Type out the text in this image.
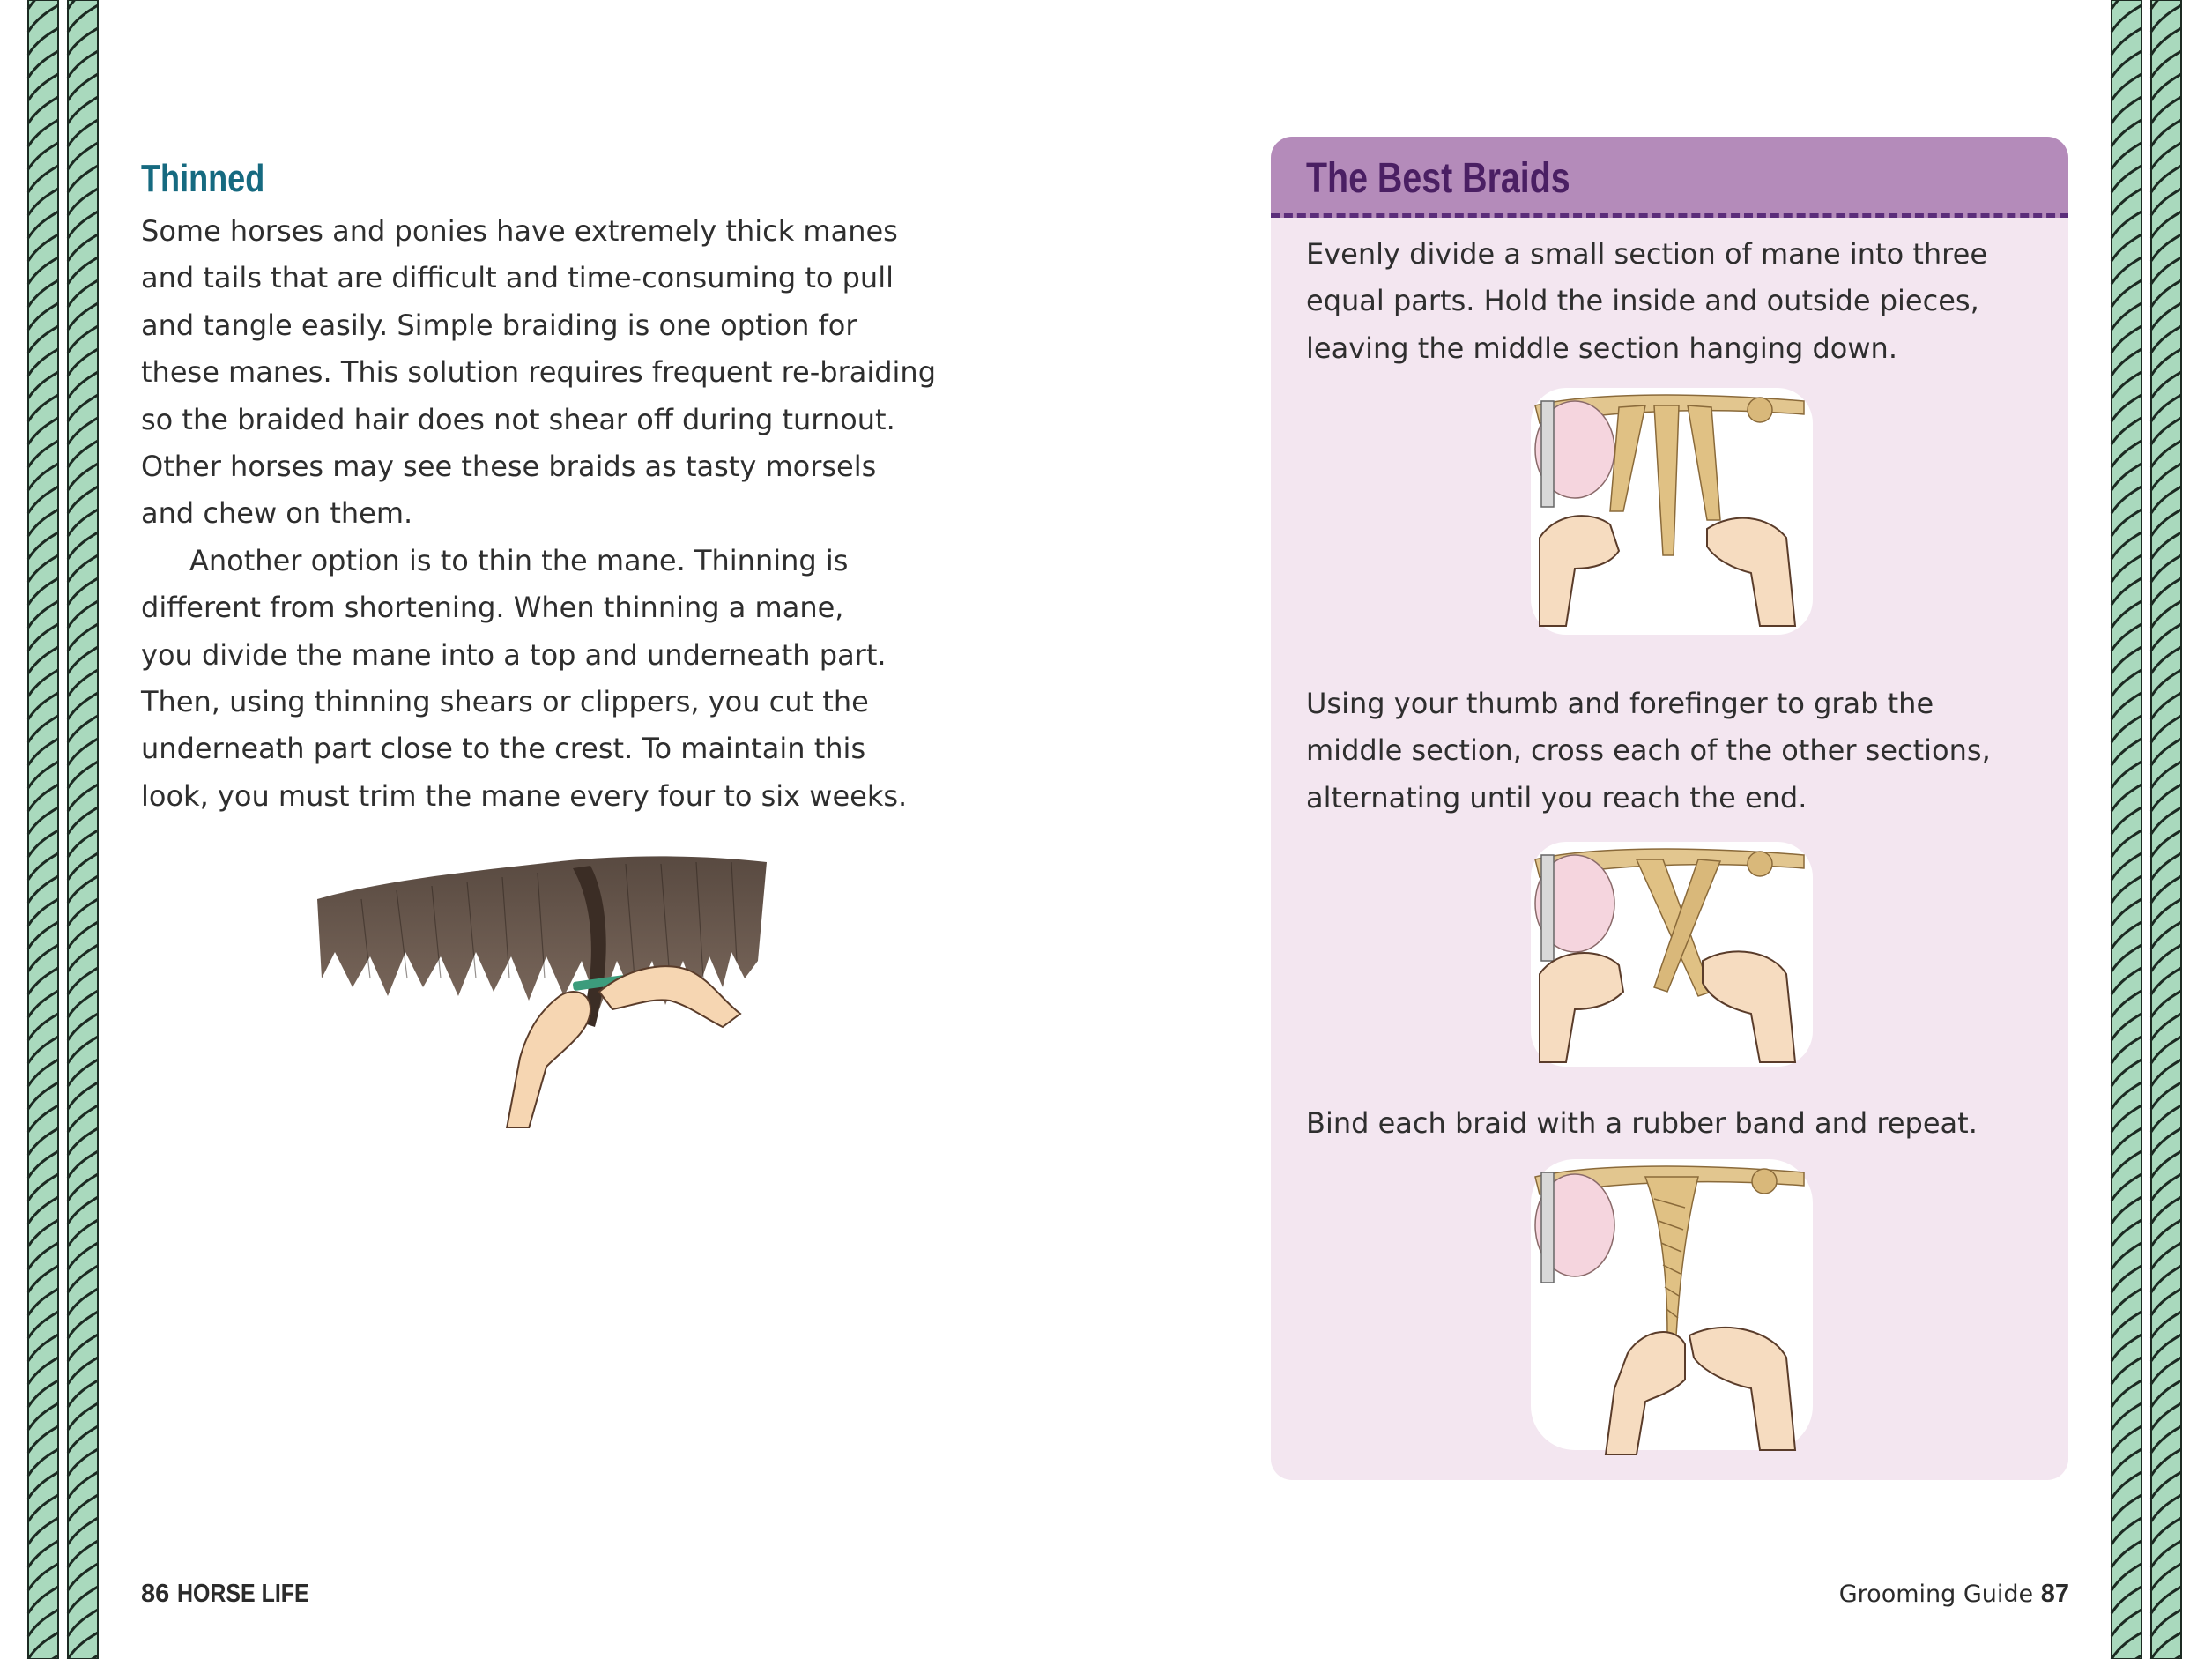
Thinned
Some horses and ponies have extremely thick manes
and tails that are difficult and time-consuming to pull
and tangle easily. Simple braiding is one option for
these manes. This solution requires frequent re-braiding
so the braided hair does not shear off during turnout.
Other horses may see these braids as tasty morsels
and chew on them.
Another option is to thin the mane. Thinning is
different from shortening. When thinning a mane,
you divide the mane into a top and underneath part.
Then, using thinning shears or clippers, you cut the
underneath part close to the crest. To maintain this
look, you must trim the mane every four to six weeks.
The Best Braids
Evenly divide a small section of mane into three
equal parts. Hold the inside and outside pieces,
leaving the middle section hanging down.
Using your thumb and forefinger to grab the
middle section, cross each of the other sections,
alternating until you reach the end.
Bind each braid with a rubber band and repeat.
86 HORSE LIFE	Grooming Guide 87
